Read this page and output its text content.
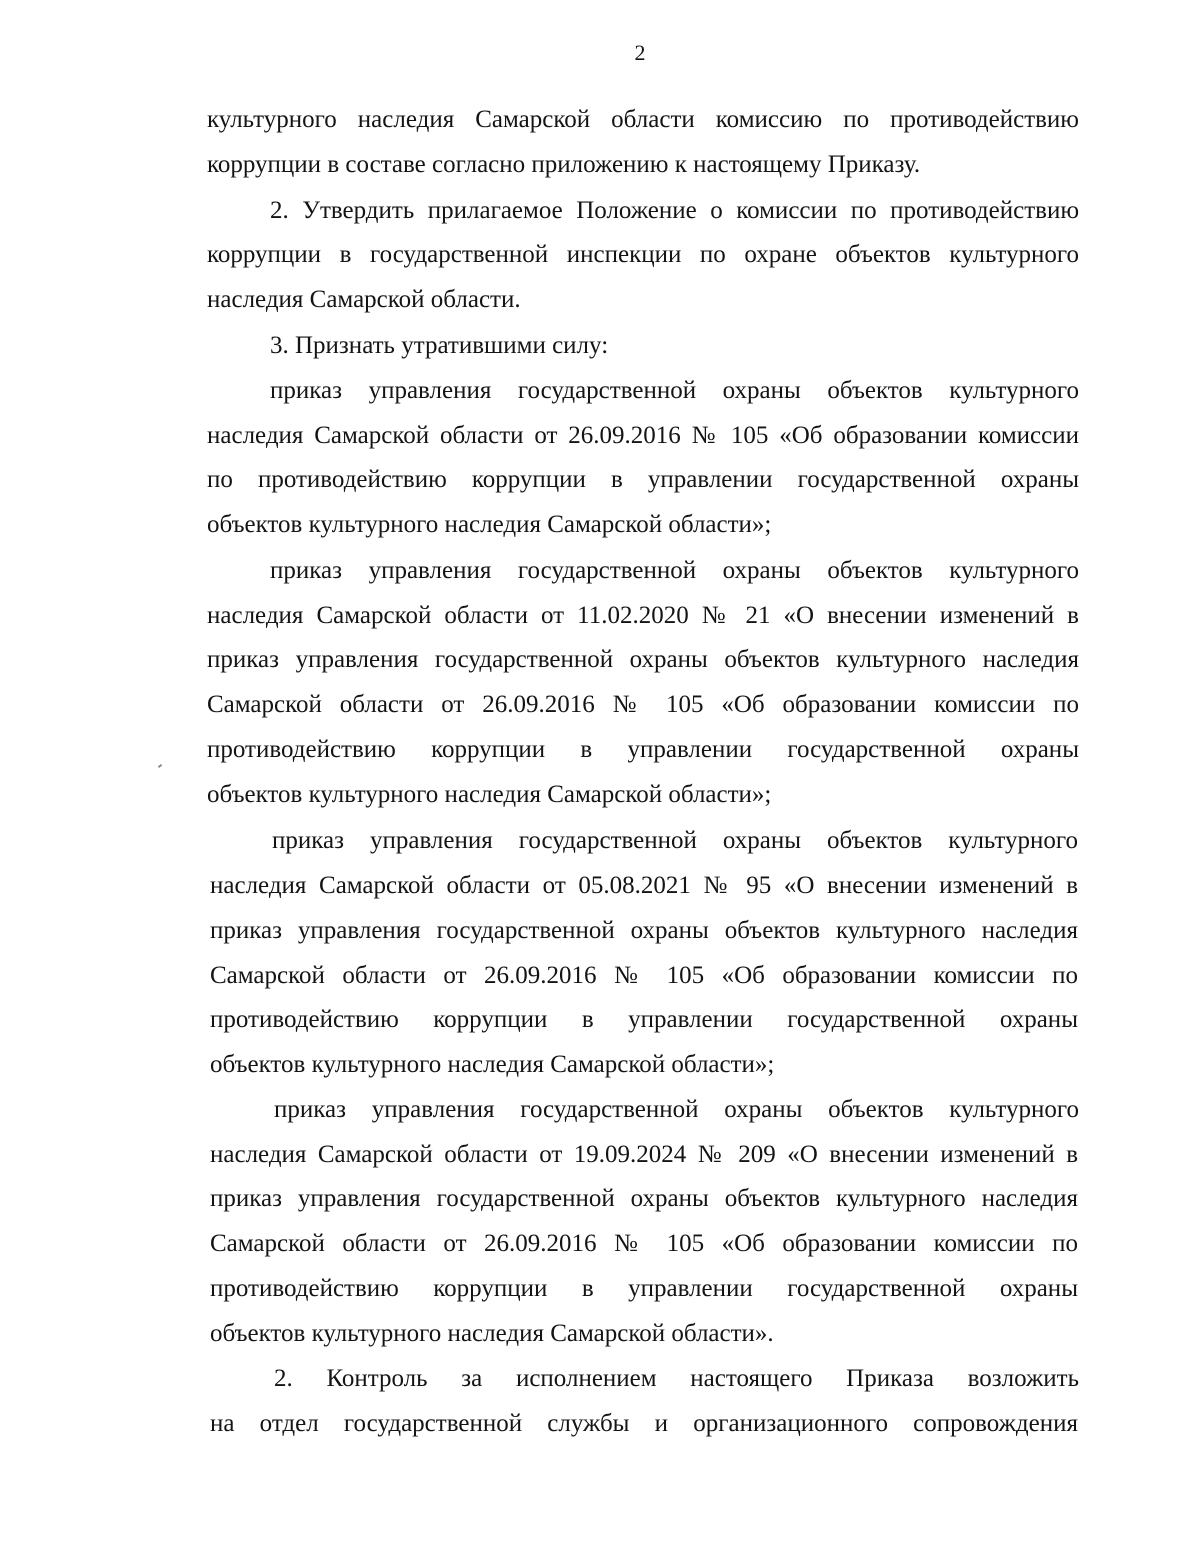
2
культурного наследия Самарской области комиссию по противодействию
коррупции в составе согласно приложению к настоящему Приказу.
2. Утвердить прилагаемое Положение о комиссии по противодействию
коррупции в государственной инспекции по охране объектов культурного
наследия Самарской области.
3. Признать утратившими силу:
приказ управления государственной охраны объектов культурного
наследия Самарской области от 26.09.2016 № 105 «Об образовании комиссии
по противодействию коррупции в управлении государственной охраны
объектов культурного наследия Самарской области»;
приказ управления государственной охраны объектов культурного
наследия Самарской области от 11.02.2020 № 21 «О внесении изменений в
приказ управления государственной охраны объектов культурного наследия
Самарской области от 26.09.2016 № 105 «Об образовании комиссии по
противодействию коррупции в управлении государственной охраны
объектов культурного наследия Самарской области»;
приказ управления государственной охраны объектов культурного
наследия Самарской области от 05.08.2021 № 95 «О внесении изменений в
приказ управления государственной охраны объектов культурного наследия
Самарской области от 26.09.2016 № 105 «Об образовании комиссии по
противодействию коррупции в управлении государственной охраны
объектов культурного наследия Самарской области»;
приказ управления государственной охраны объектов культурного
наследия Самарской области от 19.09.2024 № 209 «О внесении изменений в
приказ управления государственной охраны объектов культурного наследия
Самарской области от 26.09.2016 № 105 «Об образовании комиссии по
противодействию коррупции в управлении государственной охраны
объектов культурного наследия Самарской области».
2. Контроль за исполнением настоящего Приказа возложить
на отдел государственной службы и организационного сопровождения
